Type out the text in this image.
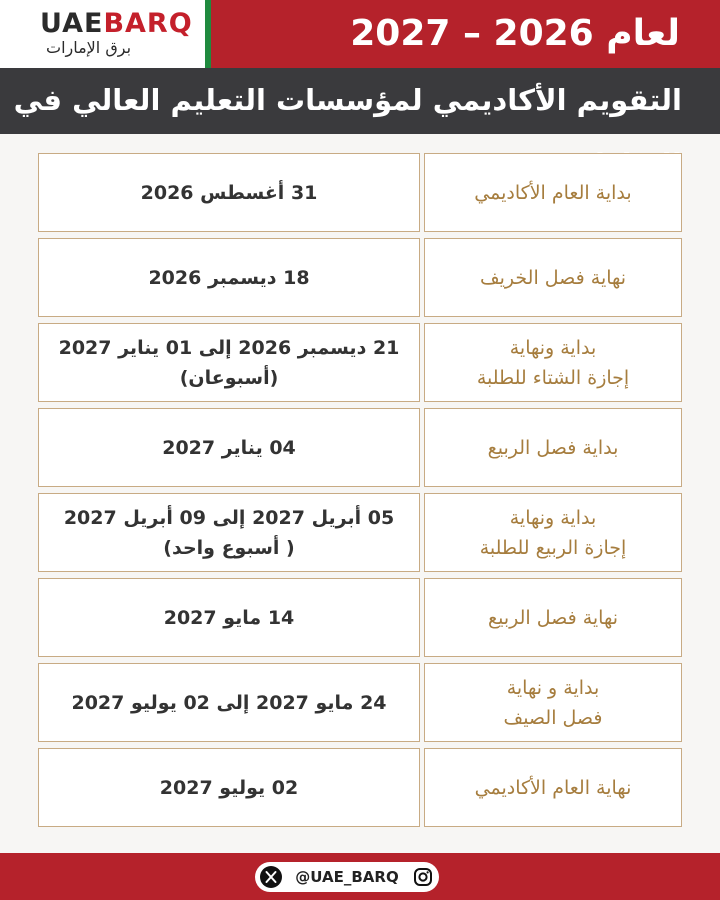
UAEBARQ
برق الإمارات	لعام 2026 – 2027
التقويم الأكاديمي لمؤسسات التعليم العالي في
بداية العام الأكاديمي
31 أغسطس 2026
نهاية فصل الخريف
18 ديسمبر 2026
بداية ونهاية
إجازة الشتاء للطلبة
21 ديسمبر 2026 إلى 01 يناير 2027
(أسبوعان)
بداية فصل الربيع
04 يناير 2027
بداية ونهاية
إجازة الربيع للطلبة
05 أبريل 2027 إلى 09 أبريل 2027
( أسبوع واحد)
نهاية فصل الربيع
14 مايو 2027
بداية و نهاية
فصل الصيف
24 مايو 2027 إلى 02 يوليو 2027
نهاية العام الأكاديمي
02 يوليو 2027
@UAE_BARQ
